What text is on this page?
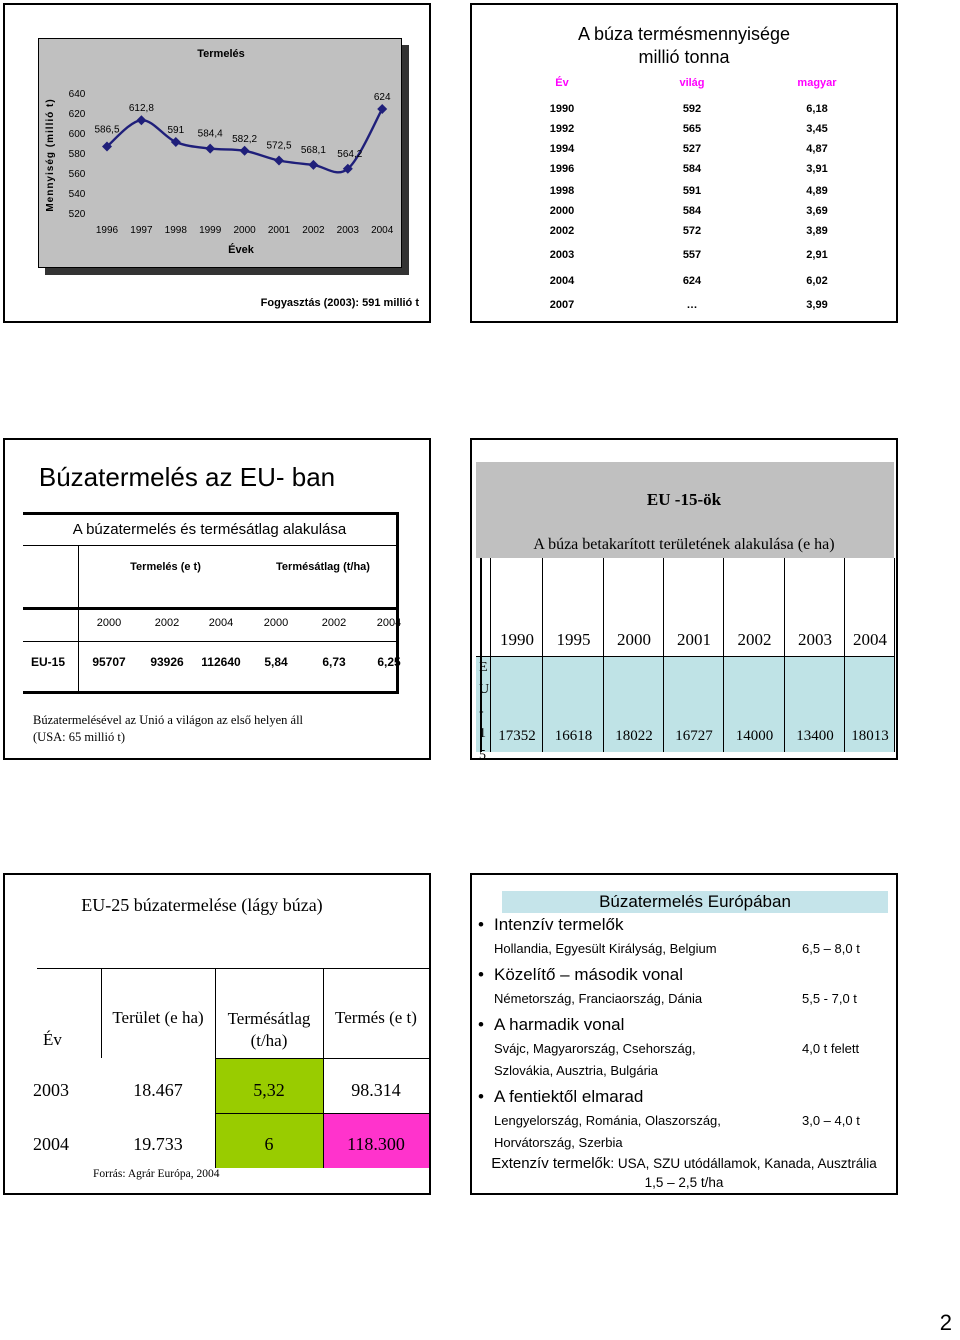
Termelés
Mennyiség (millió t)
Évek
520
540
560
580
600
620
640
1996 1997 1998 1999 2000 2001 2002 2003 2004
586,5
612,8
591 584,4 582,2
572,5 568,1 564,2
624
Fogyasztás (2003): 591 millió t
A búza termésmennyisége
millió tonna
Év	világ	magyar
1990	592	6,18
1992	565	3,45
1994	527	4,87
1996	584	3,91
1998	591	4,89
2000	584	3,69
2002	572	3,89
2003	557	2,91
2004	624	6,02
2007	…	3,99
Búzatermelés az EU- ban
A búzatermelés és termésátlag alakulása
Termelés (e t)	Termésátlag (t/ha)
2000	2002	2004	2000	2002	2004
EU-15	95707	93926	112640	5,84	6,73	6,25
Búzatermelésével az Unió a világon az első helyen áll
(USA: 65 millió t)
EU -15-ök
A búza betakarított területének alakulása (e ha)
1990	1995	2000	2001	2002	2003	2004
E
U
-
1
5
17352	16618	18022	16727	14000	13400	18013
EU-25 búzatermelése (lágy búza)
Év
Terület (e ha)	Termésátlag (t/ha)
Termés (e t)
2003	18.467	5,32	98.314
2004	19.733	6	118.300
Forrás: Agrár Európa, 2004
Búzatermelés Európában
• Intenzív termelők
Hollandia, Egyesült Királyság, Belgium	6,5 – 8,0 t
• Közelítő – második vonal
Németország, Franciaország, Dánia	5,5 - 7,0 t
• A harmadik vonal
Svájc, Magyarország, Csehország,	4,0 t felett
Szlovákia, Ausztria, Bulgária
• A fentiektől elmarad
Lengyelország, Románia, Olaszország,	3,0 – 4,0 t
Horvátország, Szerbia
Extenzív termelők: USA, SZU utódállamok, Kanada, Ausztrália
1,5 – 2,5 t/ha
2
